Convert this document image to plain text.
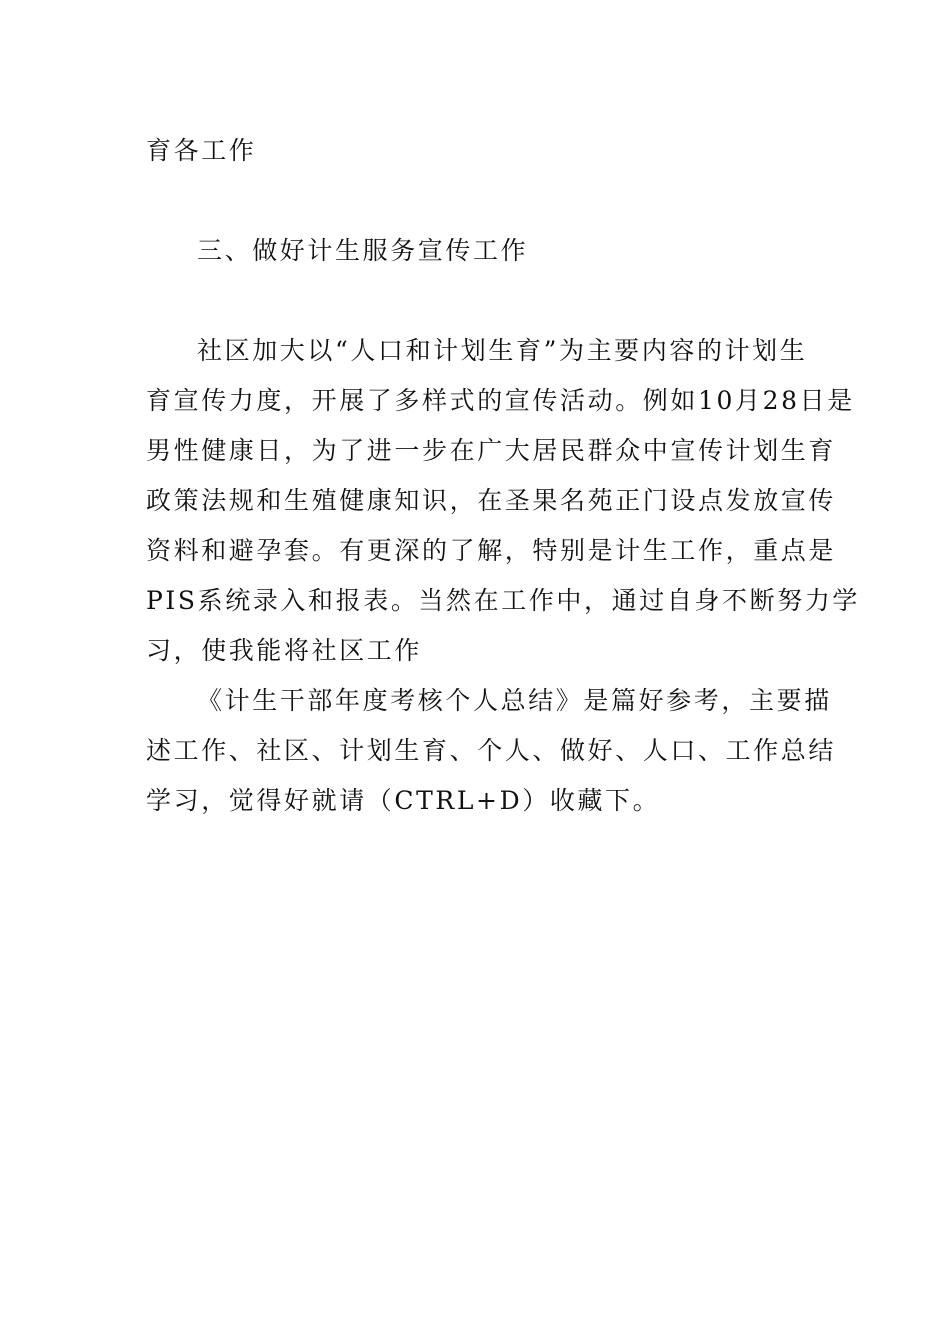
育各工作
三、做好计生服务宣传工作
社区加大以“人口和计划生育”为主要内容的计划生
育宣传力度，开展了多样式的宣传活动。例如10月28日是
男性健康日，为了进一步在广大居民群众中宣传计划生育
政策法规和生殖健康知识，在圣果名苑正门设点发放宣传
资料和避孕套。有更深的了解，特别是计生工作，重点是
PIS系统录入和报表。当然在工作中，通过自身不断努力学
习，使我能将社区工作
《计生干部年度考核个人总结》是篇好参考，主要描
述工作、社区、计划生育、个人、做好、人口、工作总结
学习，觉得好就请（CTRL+D）收藏下。
